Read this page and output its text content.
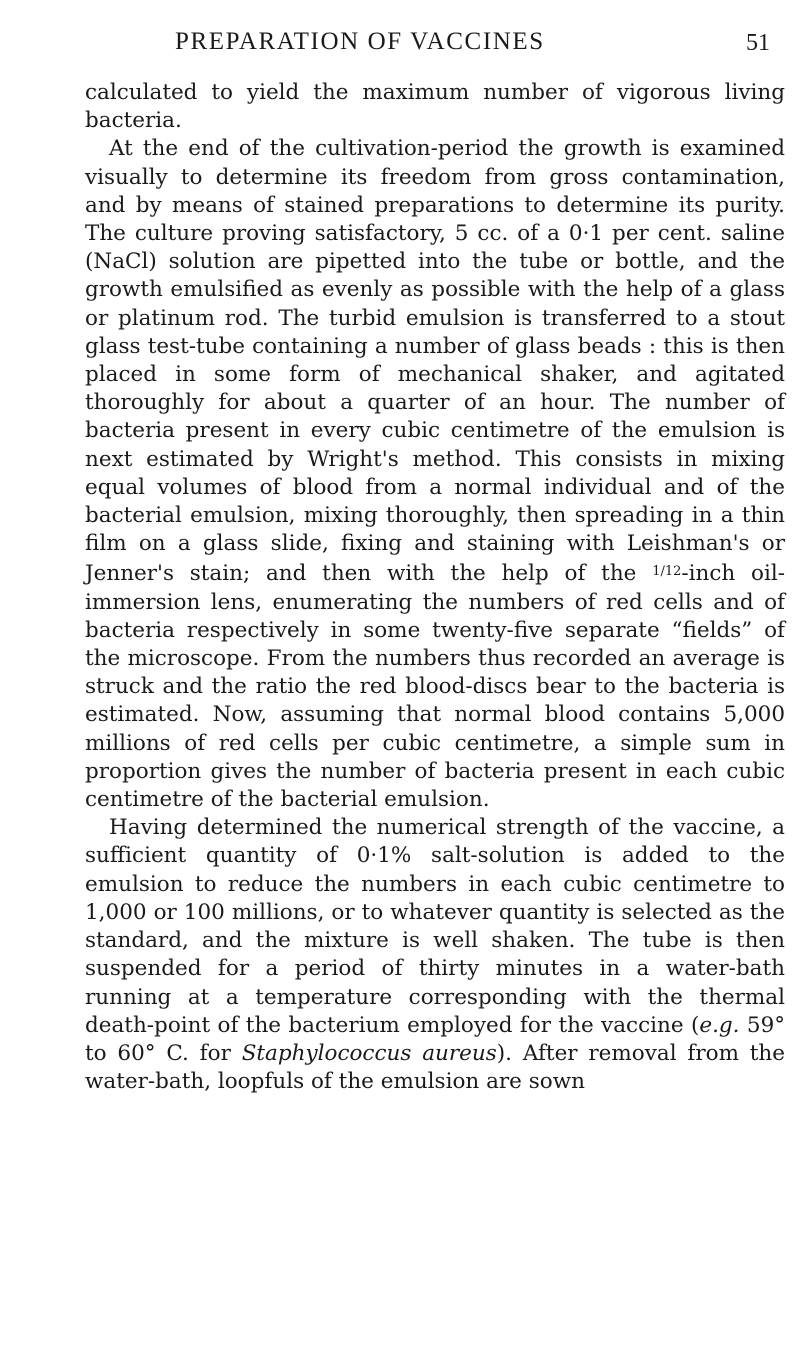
PREPARATION OF VACCINES	51

calculated to yield the maximum number of vigorous living bacteria.

At the end of the cultivation-period the growth is examined visually to determine its freedom from gross contamination, and by means of stained preparations to determine its purity. The culture proving satisfactory, 5 cc. of a 0·1 per cent. saline (NaCl) solution are pipetted into the tube or bottle, and the growth emulsified as evenly as possible with the help of a glass or platinum rod. The turbid emulsion is transferred to a stout glass test-tube containing a number of glass beads : this is then placed in some form of mechanical shaker, and agitated thoroughly for about a quarter of an hour. The number of bacteria present in every cubic centimetre of the emulsion is next estimated by Wright's method. This consists in mixing equal volumes of blood from a normal individual and of the bacterial emulsion, mixing thoroughly, then spreading in a thin film on a glass slide, fixing and staining with Leishman's or Jenner's stain; and then with the help of the $^{1/12}$-inch oil-immersion lens, enumerating the numbers of red cells and of bacteria respectively in some twenty-five separate “fields” of the microscope. From the numbers thus recorded an average is struck and the ratio the red blood-discs bear to the bacteria is estimated. Now, assuming that normal blood contains 5,000 millions of red cells per cubic centimetre, a simple sum in proportion gives the number of bacteria present in each cubic centimetre of the bacterial emulsion.

Having determined the numerical strength of the vaccine, a sufficient quantity of 0·1% salt-solution is added to the emulsion to reduce the numbers in each cubic centimetre to 1,000 or 100 millions, or to whatever quantity is selected as the standard, and the mixture is well shaken. The tube is then suspended for a period of thirty minutes in a water-bath running at a temperature corresponding with the thermal death-point of the bacterium employed for the vaccine (e.g. 59° to 60° C. for Staphylococcus aureus). After removal from the water-bath, loopfuls of the emulsion are sown
